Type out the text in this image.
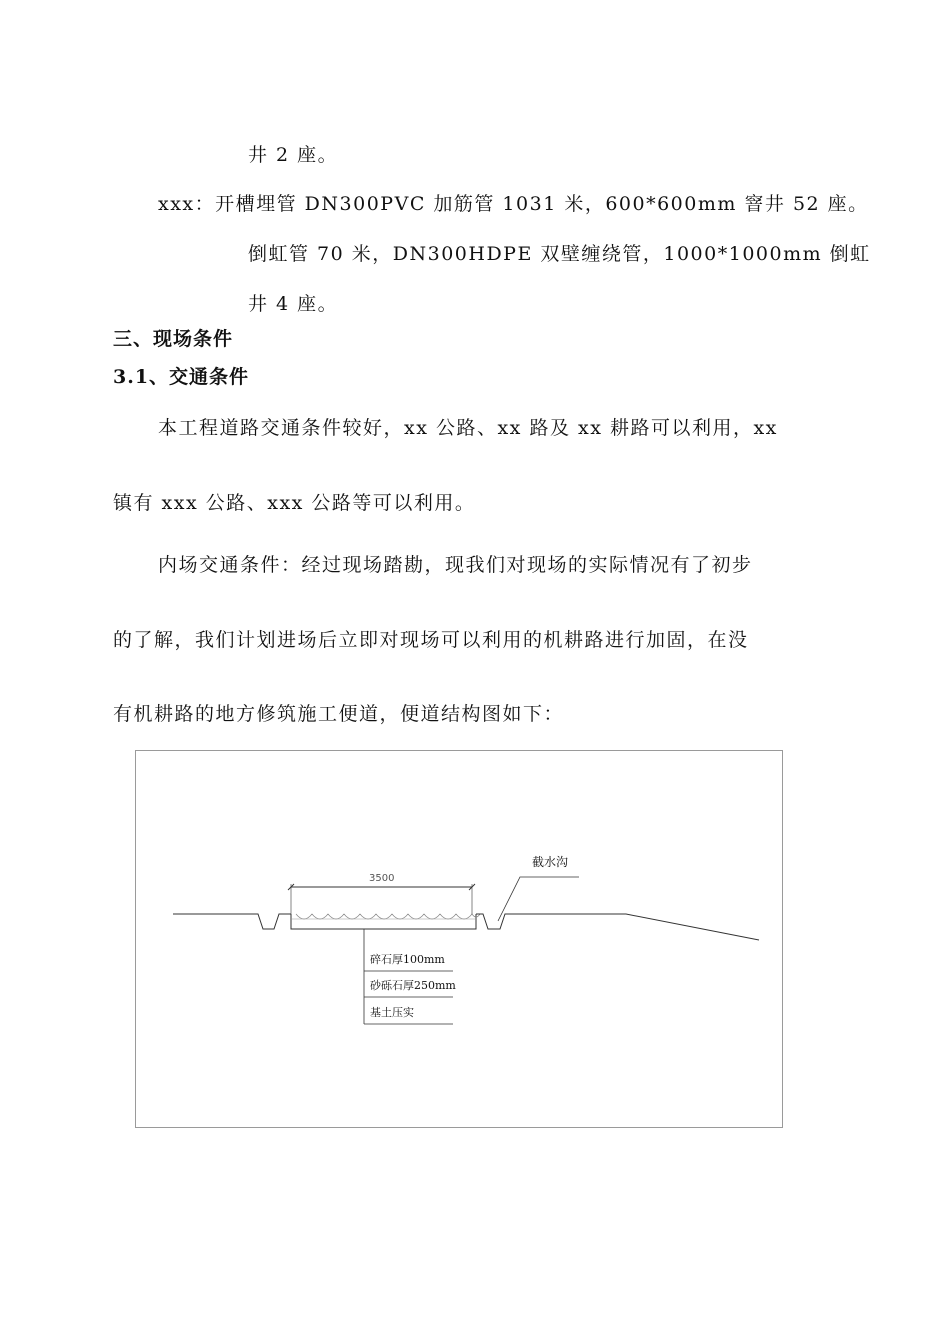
井 2 座。
xxx：开槽埋管 DN300PVC 加筋管 1031 米，600*600mm 窨井 52 座。
倒虹管 70 米，DN300HDPE 双壁缠绕管，1000*1000mm 倒虹
井 4 座。
三、现场条件
3.1、交通条件
本工程道路交通条件较好，xx 公路、xx 路及 xx 耕路可以利用，xx
镇有 xxx 公路、xxx 公路等可以利用。
内场交通条件：经过现场踏勘，现我们对现场的实际情况有了初步
的了解，我们计划进场后立即对现场可以利用的机耕路进行加固，在没
有机耕路的地方修筑施工便道，便道结构图如下：
3500
截水沟
碎石厚100mm
砂砾石厚250mm
基土压实
